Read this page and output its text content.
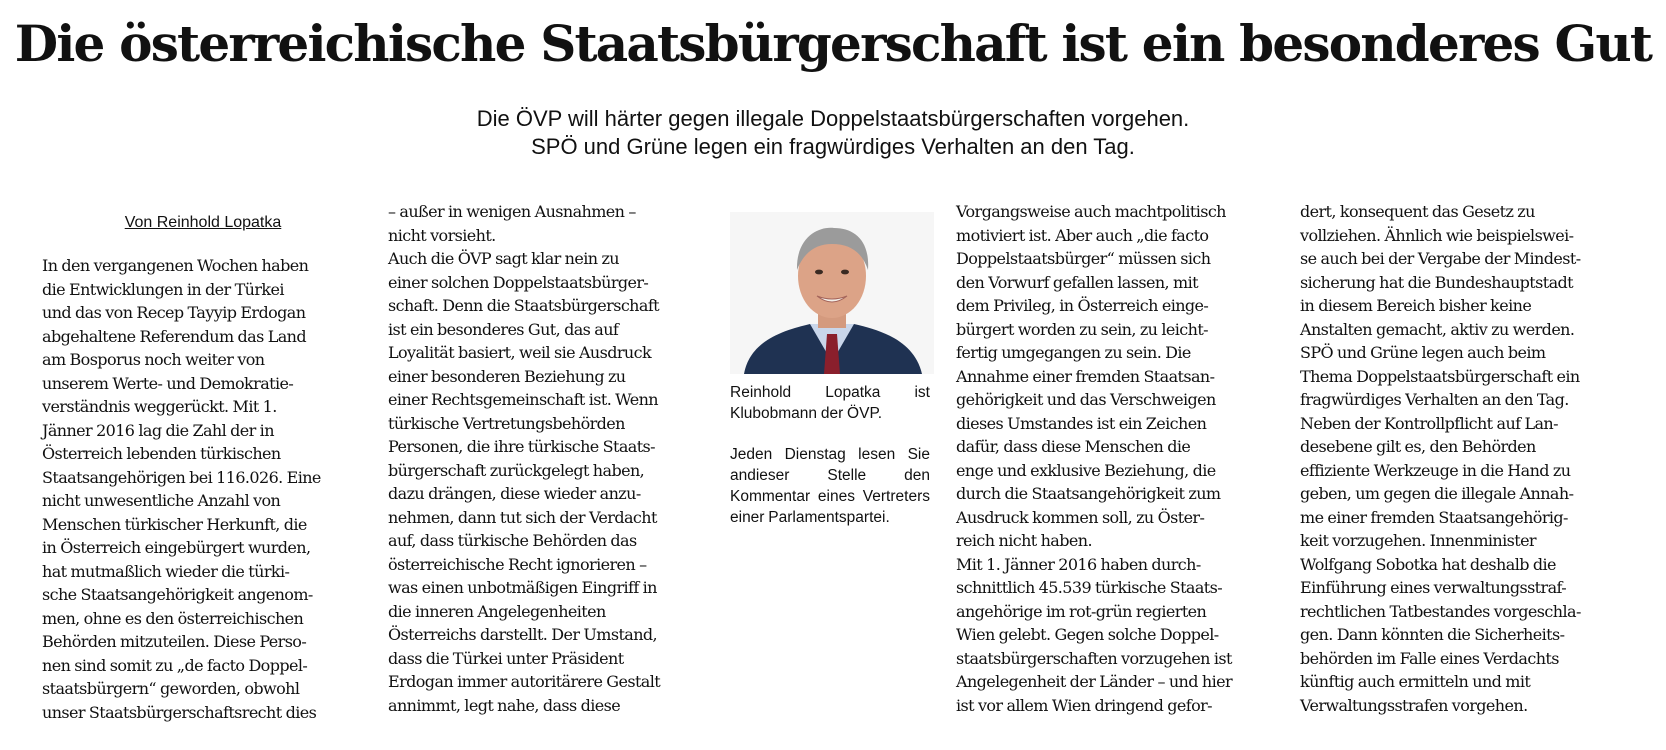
Die österreichische Staatsbürgerschaft ist ein besonderes Gut
Die ÖVP will härter gegen illegale Doppelstaatsbürgerschaften vorgehen.
SPÖ und Grüne legen ein fragwürdiges Verhalten an den Tag.

Von Reinhold Lopatka

In den vergangenen Wochen haben
die Entwicklungen in der Türkei
und das von Recep Tayyip Erdogan
abgehaltene Referendum das Land
am Bosporus noch weiter von
unserem Werte- und Demokratie-
verständnis weggerückt. Mit 1.
Jänner 2016 lag die Zahl der in
Österreich lebenden türkischen
Staatsangehörigen bei 116.026. Eine
nicht unwesentliche Anzahl von
Menschen türkischer Herkunft, die
in Österreich eingebürgert wurden,
hat mutmaßlich wieder die türki-
sche Staatsangehörigkeit angenom-
men, ohne es den österreichischen
Behörden mitzuteilen. Diese Perso-
nen sind somit zu „de facto Doppel-
staatsbürgern“ geworden, obwohl
unser Staatsbürgerschaftsrecht dies

– außer in wenigen Ausnahmen –
nicht vorsieht.
Auch die ÖVP sagt klar nein zu
einer solchen Doppelstaatsbürger-
schaft. Denn die Staatsbürgerschaft
ist ein besonderes Gut, das auf
Loyalität basiert, weil sie Ausdruck
einer besonderen Beziehung zu
einer Rechtsgemeinschaft ist. Wenn
türkische Vertretungsbehörden
Personen, die ihre türkische Staats-
bürgerschaft zurückgelegt haben,
dazu drängen, diese wieder anzu-
nehmen, dann tut sich der Verdacht
auf, dass türkische Behörden das
österreichische Recht ignorieren –
was einen unbotmäßigen Eingriff in
die inneren Angelegenheiten
Österreichs darstellt. Der Umstand,
dass die Türkei unter Präsident
Erdogan immer autoritärere Gestalt
annimmt, legt nahe, dass diese

Reinhold Lopatka ist Klubobmann der ÖVP.

Jeden Dienstag lesen Sie andieser Stelle den Kommentar eines Vertreters einer Parlamentspartei.

Vorgangsweise auch machtpolitisch
motiviert ist. Aber auch „die facto
Doppelstaatsbürger“ müssen sich
den Vorwurf gefallen lassen, mit
dem Privileg, in Österreich einge-
bürgert worden zu sein, zu leicht-
fertig umgegangen zu sein. Die
Annahme einer fremden Staatsan-
gehörigkeit und das Verschweigen
dieses Umstandes ist ein Zeichen
dafür, dass diese Menschen die
enge und exklusive Beziehung, die
durch die Staatsangehörigkeit zum
Ausdruck kommen soll, zu Öster-
reich nicht haben.
Mit 1. Jänner 2016 haben durch-
schnittlich 45.539 türkische Staats-
angehörige im rot-grün regierten
Wien gelebt. Gegen solche Doppel-
staatsbürgerschaften vorzugehen ist
Angelegenheit der Länder – und hier
ist vor allem Wien dringend gefor-

dert, konsequent das Gesetz zu
vollziehen. Ähnlich wie beispielswei-
se auch bei der Vergabe der Mindest-
sicherung hat die Bundeshauptstadt
in diesem Bereich bisher keine
Anstalten gemacht, aktiv zu werden.
SPÖ und Grüne legen auch beim
Thema Doppelstaatsbürgerschaft ein
fragwürdiges Verhalten an den Tag.
Neben der Kontrollpflicht auf Lan-
desebene gilt es, den Behörden
effiziente Werkzeuge in die Hand zu
geben, um gegen die illegale Annah-
me einer fremden Staatsangehörig-
keit vorzugehen. Innenminister
Wolfgang Sobotka hat deshalb die
Einführung eines verwaltungsstraf-
rechtlichen Tatbestandes vorgeschla-
gen. Dann könnten die Sicherheits-
behörden im Falle eines Verdachts
künftig auch ermitteln und mit
Verwaltungsstrafen vorgehen.
